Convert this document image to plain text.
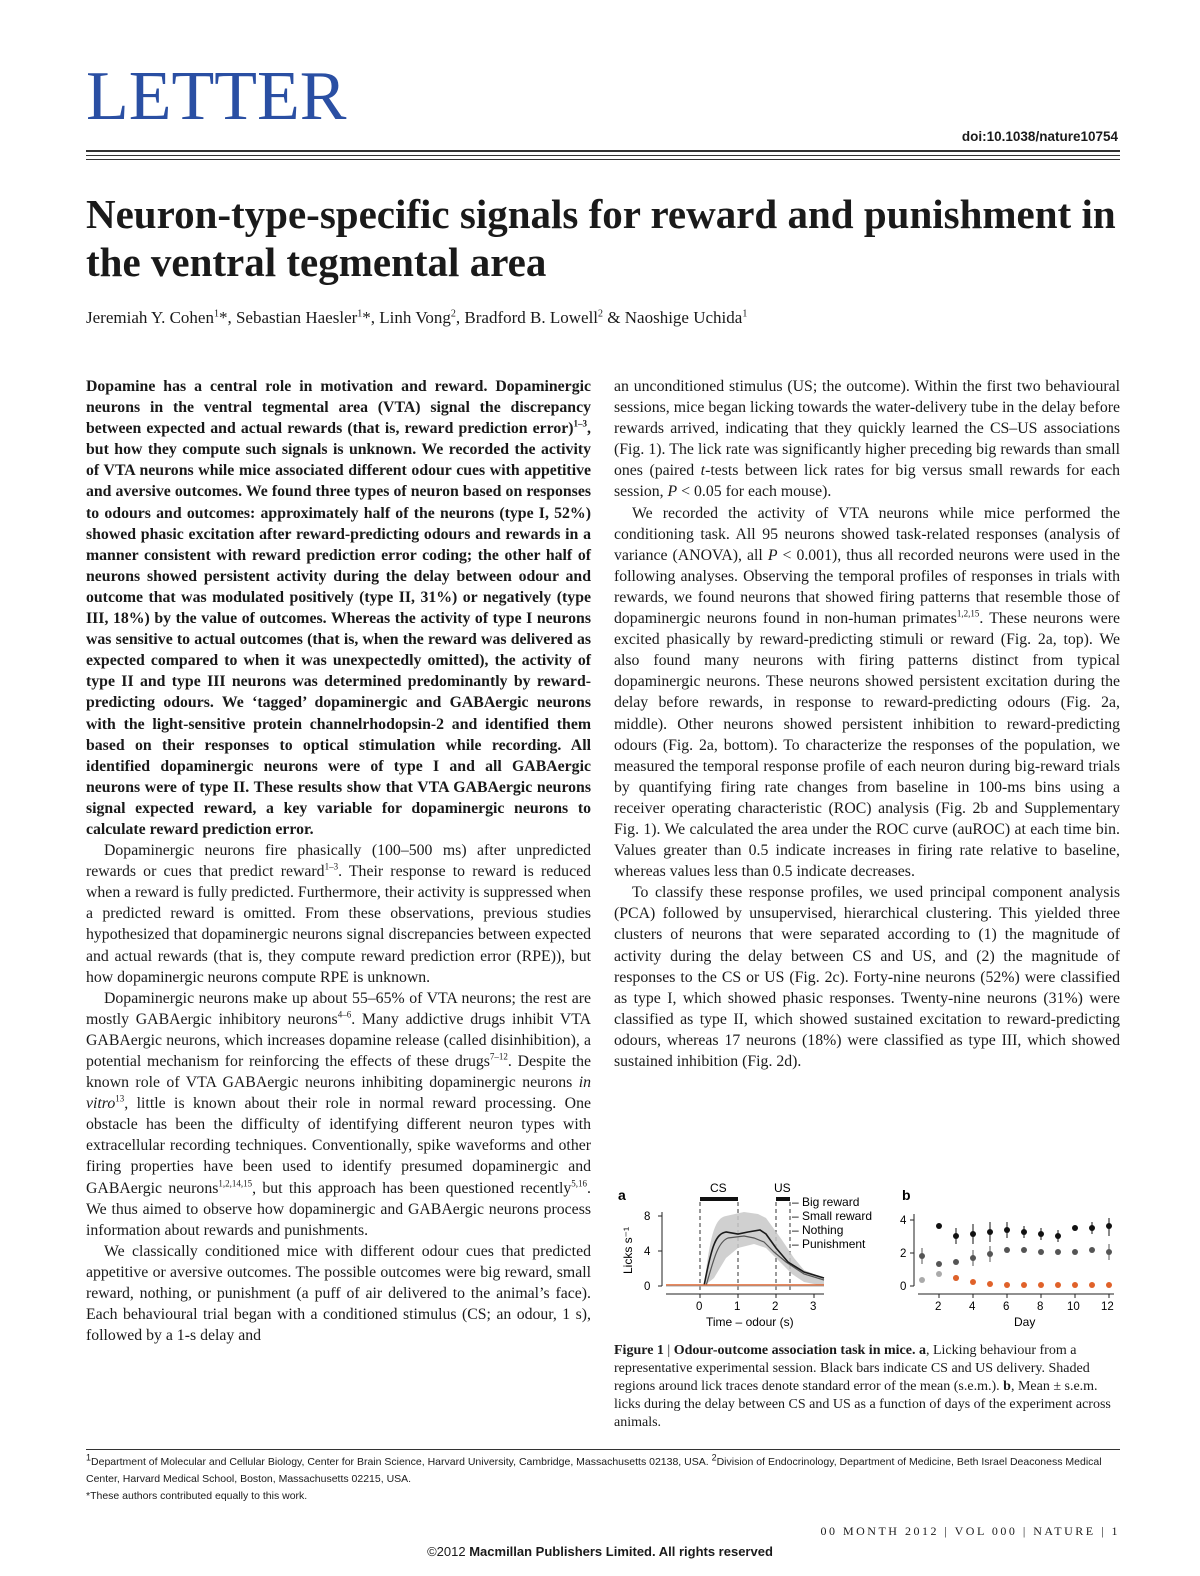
LETTER
doi:10.1038/nature10754
Neuron-type-specific signals for reward and punishment in the ventral tegmental area
Jeremiah Y. Cohen$^1$*, Sebastian Haesler$^1$*, Linh Vong$^2$, Bradford B. Lowell$^2$ & Naoshige Uchida$^1$

Dopamine has a central role in motivation and reward. Dopaminergic neurons in the ventral tegmental area (VTA) signal the discrepancy between expected and actual rewards (that is, reward prediction error)$^{1-3}$, but how they compute such signals is unknown. We recorded the activity of VTA neurons while mice associated different odour cues with appetitive and aversive outcomes. We found three types of neuron based on responses to odours and outcomes: approximately half of the neurons (type I, 52%) showed phasic excitation after reward-predicting odours and rewards in a manner consistent with reward prediction error coding; the other half of neurons showed persistent activity during the delay between odour and outcome that was modulated positively (type II, 31%) or negatively (type III, 18%) by the value of outcomes. Whereas the activity of type I neurons was sensitive to actual outcomes (that is, when the reward was delivered as expected compared to when it was unexpectedly omitted), the activity of type II and type III neurons was determined predominantly by reward-predicting odours. We ‘tagged’ dopaminergic and GABAergic neurons with the light-sensitive protein channelrhodopsin-2 and identified them based on their responses to optical stimulation while recording. All identified dopaminergic neurons were of type I and all GABAergic neurons were of type II. These results show that VTA GABAergic neurons signal expected reward, a key variable for dopaminergic neurons to calculate reward prediction error.

Dopaminergic neurons fire phasically (100–500 ms) after unpredicted rewards or cues that predict reward$^{1-3}$. Their response to reward is reduced when a reward is fully predicted. Furthermore, their activity is suppressed when a predicted reward is omitted. From these observations, previous studies hypothesized that dopaminergic neurons signal discrepancies between expected and actual rewards (that is, they compute reward prediction error (RPE)), but how dopaminergic neurons compute RPE is unknown.

Dopaminergic neurons make up about 55–65% of VTA neurons; the rest are mostly GABAergic inhibitory neurons$^{4-6}$. Many addictive drugs inhibit VTA GABAergic neurons, which increases dopamine release (called disinhibition), a potential mechanism for reinforcing the effects of these drugs$^{7-12}$. Despite the known role of VTA GABAergic neurons inhibiting dopaminergic neurons in vitro$^{13}$, little is known about their role in normal reward processing. One obstacle has been the difficulty of identifying different neuron types with extracellular recording techniques. Conventionally, spike waveforms and other firing properties have been used to identify presumed dopaminergic and GABAergic neurons$^{1,2,14,15}$, but this approach has been questioned recently$^{5,16}$. We thus aimed to observe how dopaminergic and GABAergic neurons process information about rewards and punishments.

We classically conditioned mice with different odour cues that predicted appetitive or aversive outcomes. The possible outcomes were big reward, small reward, nothing, or punishment (a puff of air delivered to the animal’s face). Each behavioural trial began with a conditioned stimulus (CS; an odour, 1 s), followed by a 1-s delay and

an unconditioned stimulus (US; the outcome). Within the first two behavioural sessions, mice began licking towards the water-delivery tube in the delay before rewards arrived, indicating that they quickly learned the CS–US associations (Fig. 1). The lick rate was significantly higher preceding big rewards than small ones (paired t-tests between lick rates for big versus small rewards for each session, P < 0.05 for each mouse).

We recorded the activity of VTA neurons while mice performed the conditioning task. All 95 neurons showed task-related responses (analysis of variance (ANOVA), all P < 0.001), thus all recorded neurons were used in the following analyses. Observing the temporal profiles of responses in trials with rewards, we found neurons that showed firing patterns that resemble those of dopaminergic neurons found in non-human primates$^{1,2,15}$. These neurons were excited phasically by reward-predicting stimuli or reward (Fig. 2a, top). We also found many neurons with firing patterns distinct from typical dopaminergic neurons. These neurons showed persistent excitation during the delay before rewards, in response to reward-predicting odours (Fig. 2a, middle). Other neurons showed persistent inhibition to reward-predicting odours (Fig. 2a, bottom). To characterize the responses of the population, we measured the temporal response profile of each neuron during big-reward trials by quantifying firing rate changes from baseline in 100-ms bins using a receiver operating characteristic (ROC) analysis (Fig. 2b and Supplementary Fig. 1). We calculated the area under the ROC curve (auROC) at each time bin. Values greater than 0.5 indicate increases in firing rate relative to baseline, whereas values less than 0.5 indicate decreases.

To classify these response profiles, we used principal component analysis (PCA) followed by unsupervised, hierarchical clustering. This yielded three clusters of neurons that were separated according to (1) the magnitude of activity during the delay between CS and US, and (2) the magnitude of responses to the CS or US (Fig. 2c). Forty-nine neurons (52%) were classified as type I, which showed phasic responses. Twenty-nine neurons (31%) were classified as type II, which showed sustained excitation to reward-predicting odours, whereas 17 neurons (18%) were classified as type III, which showed sustained inhibition (Fig. 2d).

a	CS	US
8
4
0
Licks s⁻¹
0	1	2	3
Time – odour (s)
– Big reward
– Small reward
– Nothing
– Punishment
b
4
2
0
2 4 6 8 10 12
Day
Figure 1 | Odour-outcome association task in mice. a, Licking behaviour from a representative experimental session. Black bars indicate CS and US delivery. Shaded regions around lick traces denote standard error of the mean (s.e.m.). b, Mean ± s.e.m. licks during the delay between CS and US as a function of days of the experiment across animals.
$^1$Department of Molecular and Cellular Biology, Center for Brain Science, Harvard University, Cambridge, Massachusetts 02138, USA. $^2$Division of Endocrinology, Department of Medicine, Beth Israel Deaconess Medical Center, Harvard Medical School, Boston, Massachusetts 02215, USA.
*These authors contributed equally to this work.
00 MONTH 2012 | VOL 000 | NATURE | 1
©2012 Macmillan Publishers Limited. All rights reserved
